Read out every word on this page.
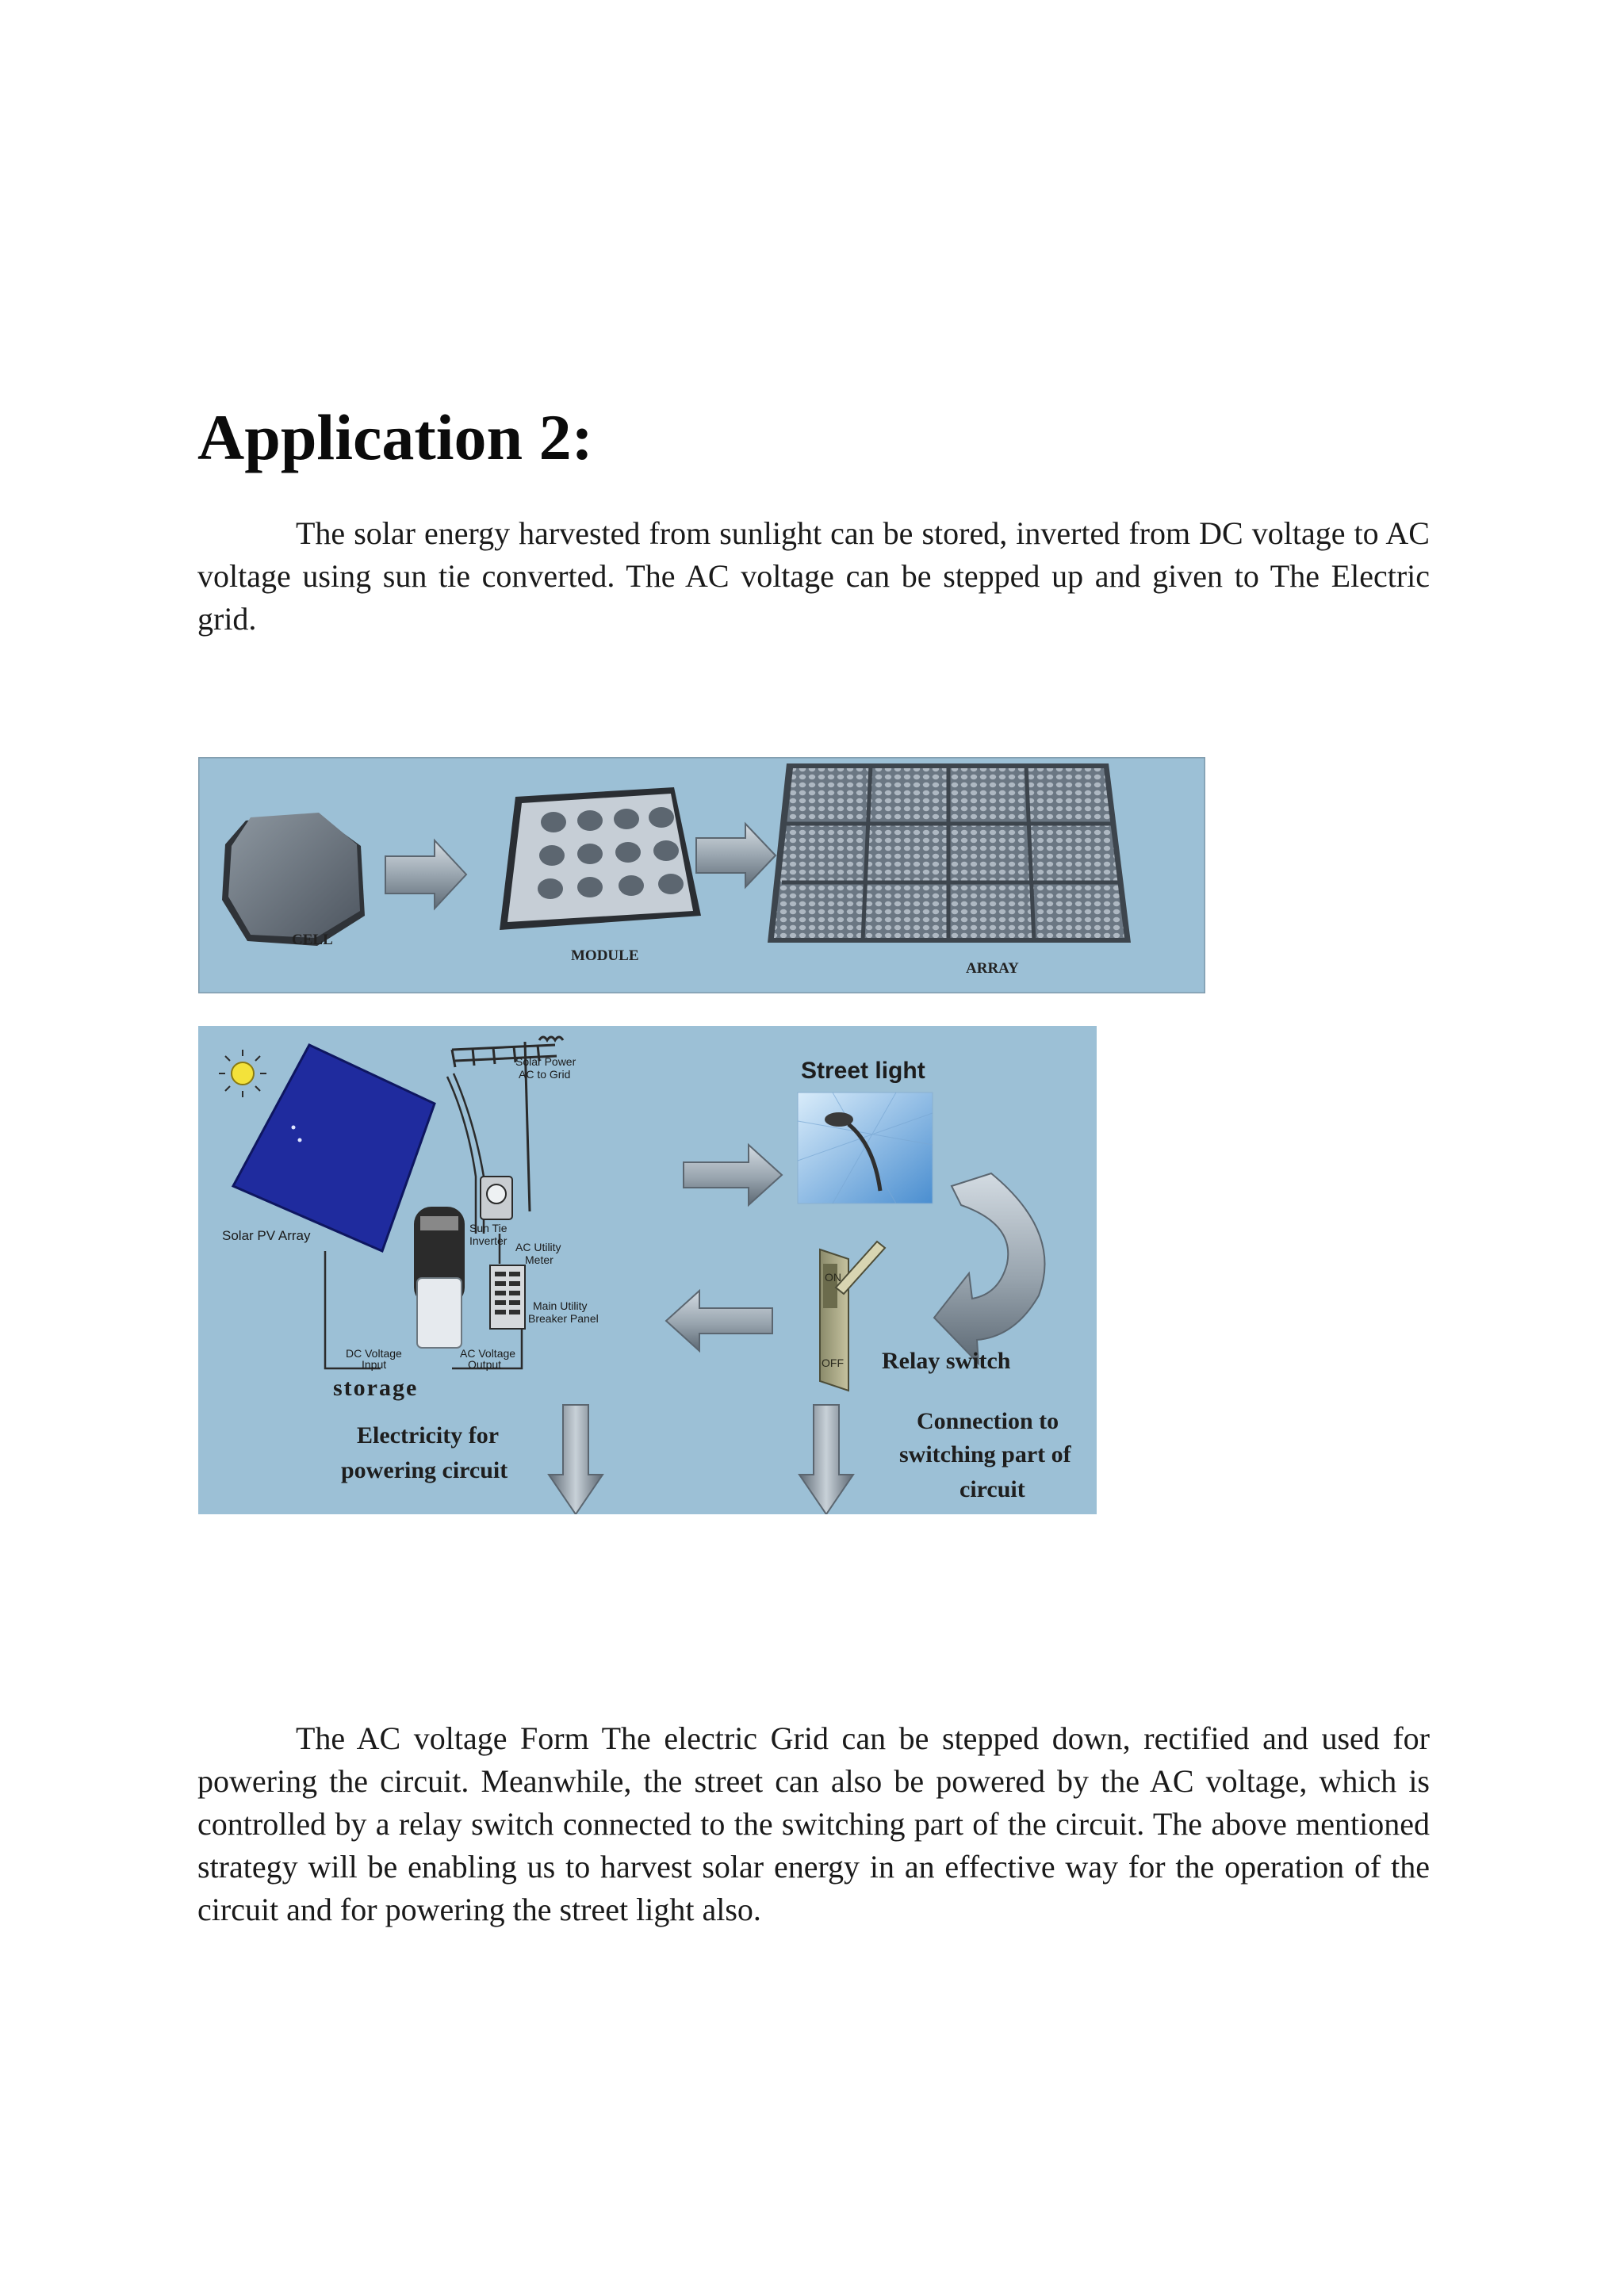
Application 2:

The solar energy harvested from sunlight can be stored, inverted from DC voltage to AC voltage using sun tie converted. The AC voltage can be stepped up and given to The Electric grid.

CELL
MODULE
ARRAY
Solar PV Array
Solar Power
AC to Grid
AC Utility
Meter
Main Utility
Breaker Panel
Sun Tie
Inverter
DC Voltage
Input
AC Voltage
Output
storage
Electricity for
powering circuit
Street light
ON
OFF Relay switch
Connection to
switching part of
circuit

The AC voltage Form The electric Grid can be stepped down, rectified and used for powering the circuit. Meanwhile, the street can also be powered by the AC voltage, which is controlled by a relay switch connected to the switching part of the circuit. The above mentioned strategy will be enabling us to harvest solar energy in an effective way for the operation of the circuit and for powering the street light also.
